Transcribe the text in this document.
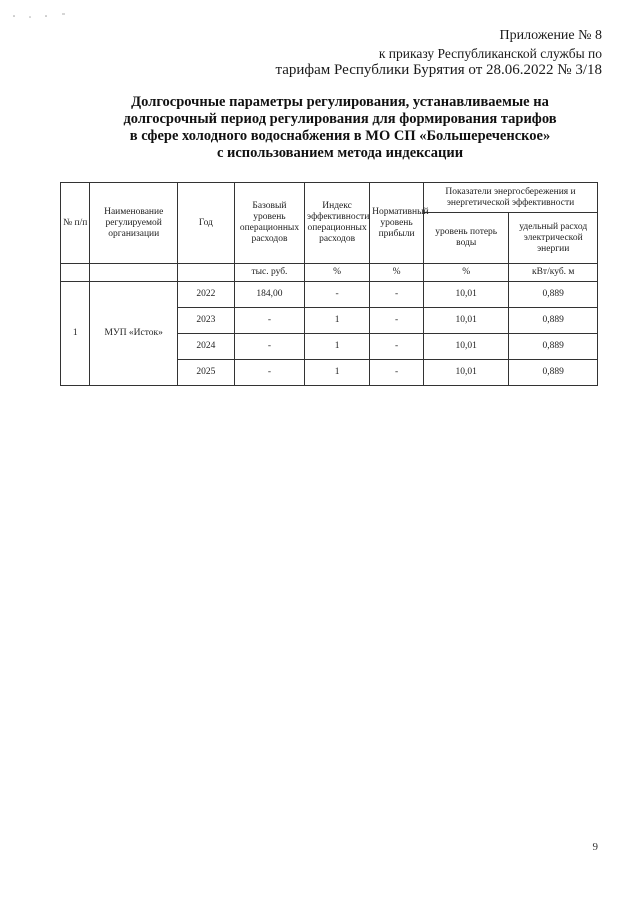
Приложение № 8
к приказу Республиканской службы по
тарифам Республики Бурятия от 28.06.2022 № 3/18
Долгосрочные параметры регулирования, устанавливаемые на
долгосрочный период регулирования для формирования тарифов
в сфере холодного водоснабжения в МО СП «Большереченское»
с использованием метода индексации
№ п/п	Наименование регулируемой организации	Год	Базовый уровень операционных расходов	Индекс эффективности операционных расходов	Нормативный уровень прибыли	Показатели энергосбережения и энергетической эффективности	
						уровень потерь воды	удельный расход электрической энергии
			тыс. руб.	%	%	%	кВт/куб. м
1	МУП «Исток»	2022	184,00	-	-	10,01	0,889
		2023	-	1	-	10,01	0,889
		2024	-	1	-	10,01	0,889
		2025	-	1	-	10,01	0,889
9
